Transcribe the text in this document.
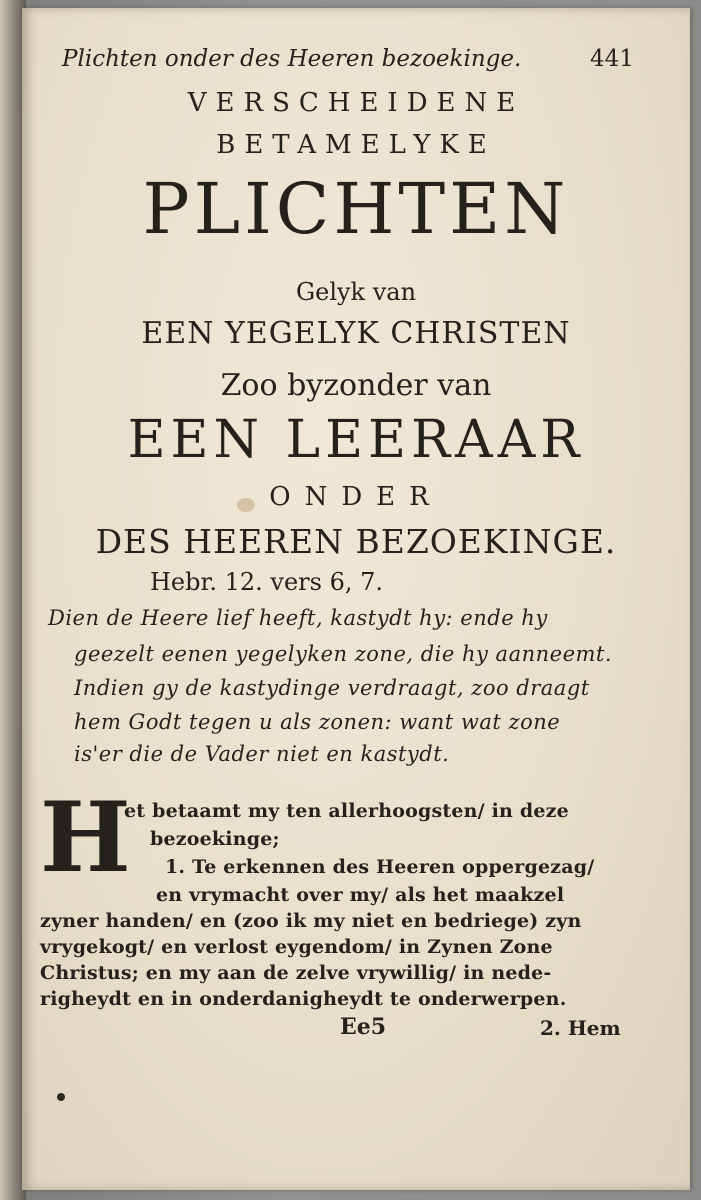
Plichten onder des Heeren bezoekinge.	441
VERSCHEIDENE
BETAMELYKE
PLICHTEN
Gelyk van
EEN YEGELYK CHRISTEN
Zoo byzonder van
EEN LEERAAR
ONDER
DES HEEREN BEZOEKINGE.
Hebr. 12. vers 6, 7.
Dien de Heere lief heeft, kastydt hy: ende hy
geezelt eenen yegelyken zone, die hy aanneemt.
Indien gy de kastydinge verdraagt, zoo draagt
hem Godt tegen u als zonen: want wat zone
is'er die de Vader niet en kastydt.
H
et betaamt my ten allerhoogsten/ in deze
bezoekinge;
1. Te erkennen des Heeren oppergezag/
en vrymacht over my/ als het maakzel
zyner handen/ en (zoo ik my niet en bedriege) zyn
vrygekogt/ en verlost eygendom/ in Zynen Zone
Christus; en my aan de zelve vrywillig/ in nede-
righeydt en in onderdanigheydt te onderwerpen.
Ee5	2. Hem
